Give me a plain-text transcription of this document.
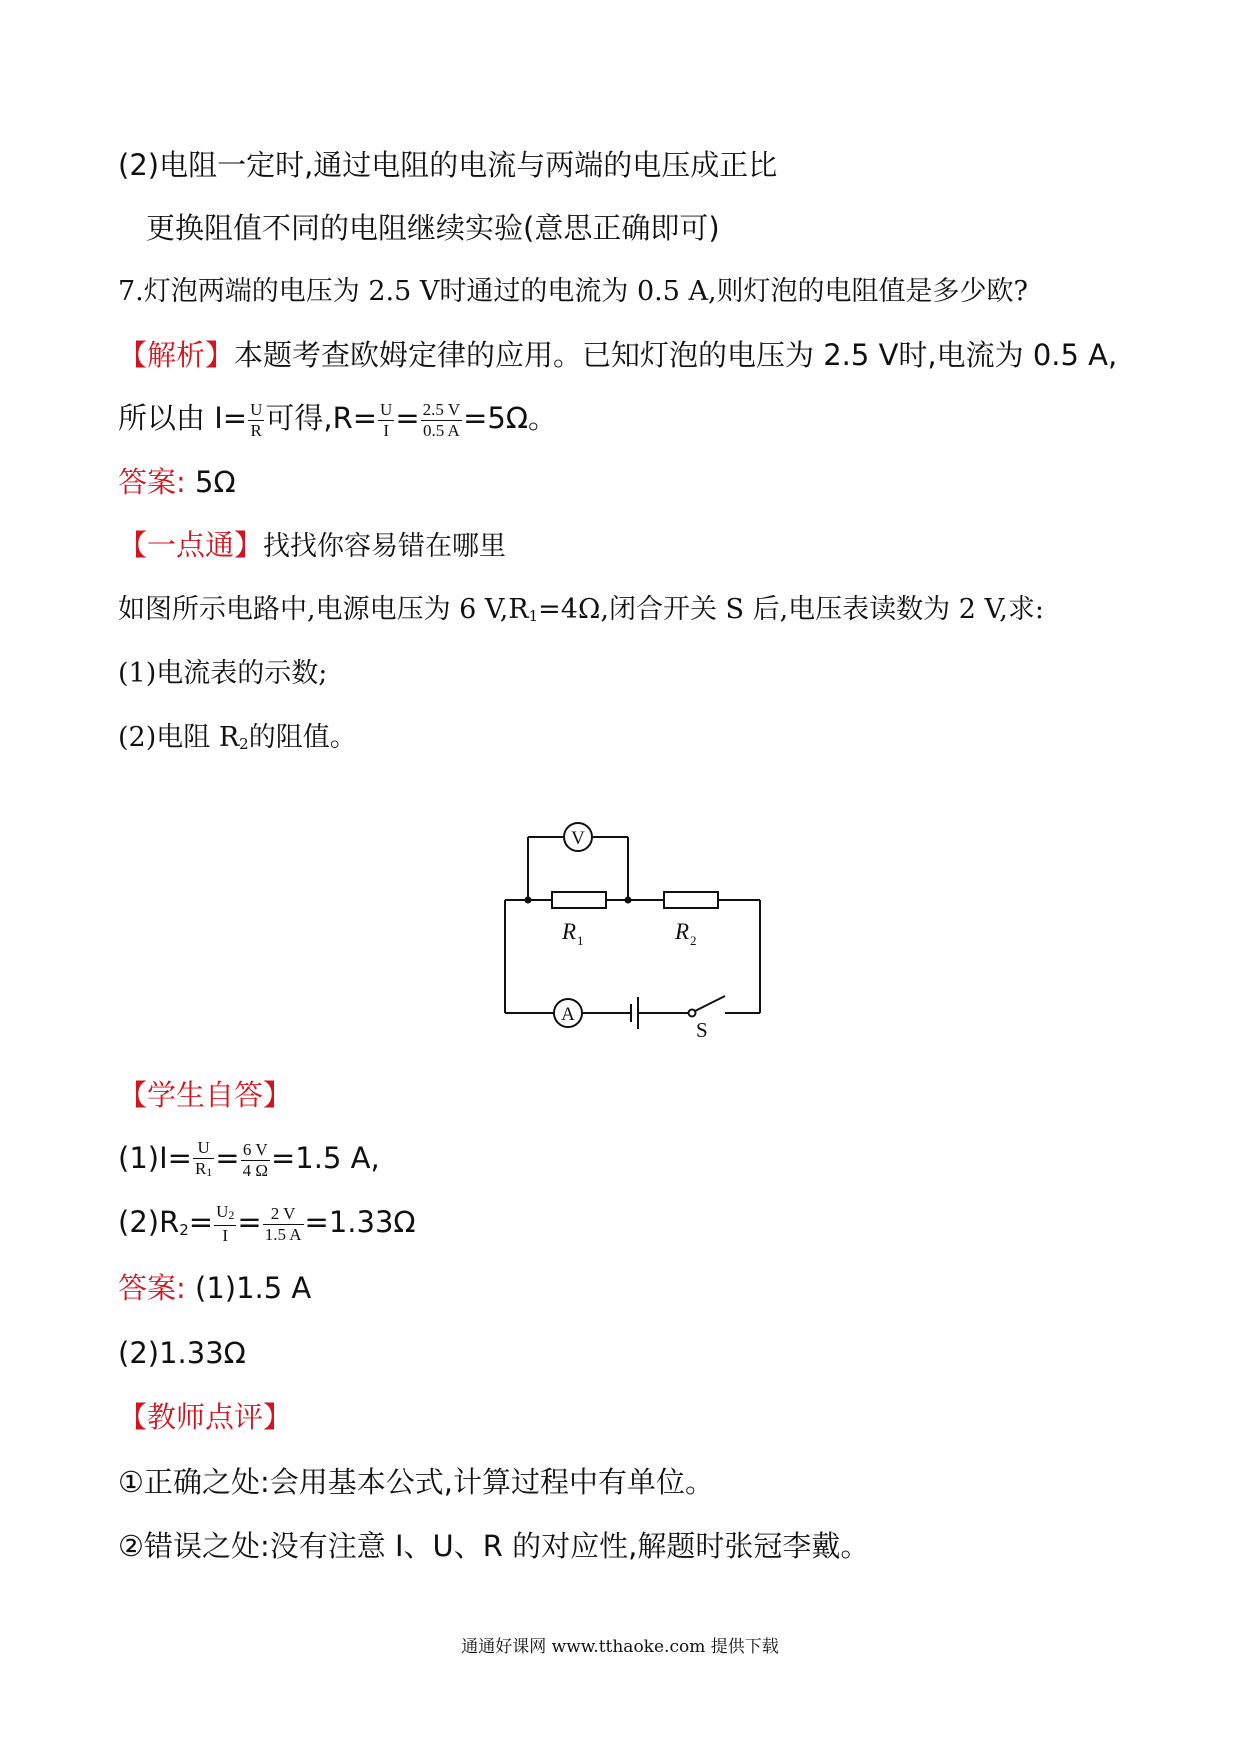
(2)电阻一定时,通过电阻的电流与两端的电压成正比
更换阻值不同的电阻继续实验(意思正确即可)
7.灯泡两端的电压为 2.5 V时通过的电流为 0.5 A,则灯泡的电阻值是多少欧?
【解析】本题考查欧姆定律的应用。已知灯泡的电压为 2.5 V时,电流为 0.5 A,
所以由 $I= \frac{U}{R}$ 可得$,R= \frac{U}{I} = \frac{2.5 V}{0.5 A} =5\Omega$。
答案: 5Ω
【一点通】找找你容易错在哪里
如图所示电路中,电源电压为 6 $V,R_1=4\Omega$,闭合开关 S 后,电压表读数为 2 V,求:
(1)电流表的示数;
(2)电阻 $R_2$的阻值。
V
A
R 1	R 2
S
【学生自答】
$(1)I= \frac{U}{R_1} = \frac{6 V}{4 \Omega} =1.5$ A,
$(2)R_2= \frac{U_2}{I} = \frac{2 V}{1.5 A} =1.33\Omega$
答案: (1)1.5 A
(2)1.33Ω
【教师点评】
①正确之处:会用基本公式,计算过程中有单位。
②错误之处:没有注意 I、U、R 的对应性,解题时张冠李戴。
通通好课网 www.tthaoke.com 提供下载
